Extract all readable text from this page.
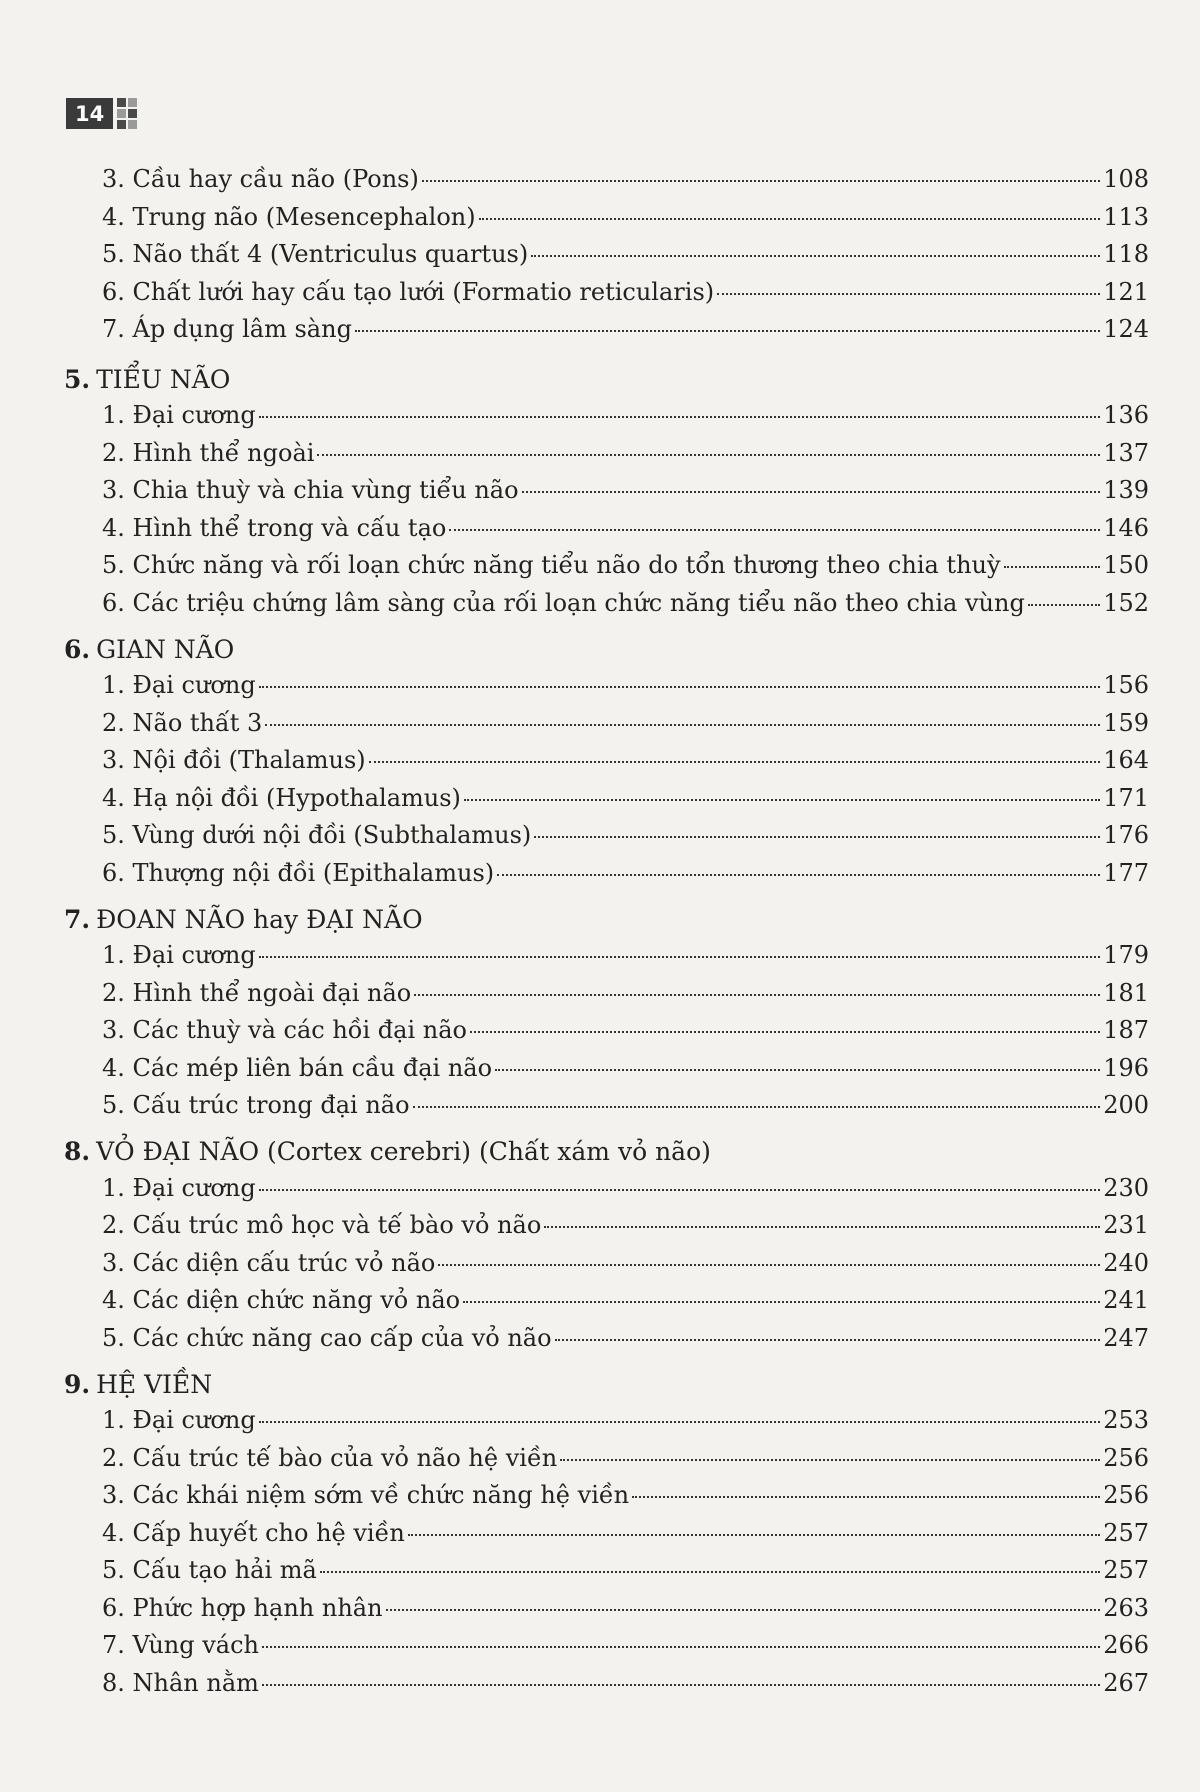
14
3. Cầu hay cầu não (Pons)	108
4. Trung não (Mesencephalon)	113
5. Não thất 4 (Ventriculus quartus)	118
6. Chất lưới hay cấu tạo lưới (Formatio reticularis)	121
7. Áp dụng lâm sàng	124
5. TIỂU NÃO
1. Đại cương	136
2. Hình thể ngoài	137
3. Chia thuỳ và chia vùng tiểu não	139
4. Hình thể trong và cấu tạo	146
5. Chức năng và rối loạn chức năng tiểu não do tổn thương theo chia thuỳ	150
6. Các triệu chứng lâm sàng của rối loạn chức năng tiểu não theo chia vùng	152
6. GIAN NÃO
1. Đại cương	156
2. Não thất 3	159
3. Nội đồi (Thalamus)	164
4. Hạ nội đồi (Hypothalamus)	171
5. Vùng dưới nội đồi (Subthalamus)	176
6. Thượng nội đồi (Epithalamus)	177
7. ĐOAN NÃO hay ĐẠI NÃO
1. Đại cương	179
2. Hình thể ngoài đại não	181
3. Các thuỳ và các hồi đại não	187
4. Các mép liên bán cầu đại não	196
5. Cấu trúc trong đại não	200
8. VỎ ĐẠI NÃO (Cortex cerebri) (Chất xám vỏ não)
1. Đại cương	230
2. Cấu trúc mô học và tế bào vỏ não	231
3. Các diện cấu trúc vỏ não	240
4. Các diện chức năng vỏ não	241
5. Các chức năng cao cấp của vỏ não	247
9. HỆ VIỀN
1. Đại cương	253
2. Cấu trúc tế bào của vỏ não hệ viền	256
3. Các khái niệm sớm về chức năng hệ viền	256
4. Cấp huyết cho hệ viền	257
5. Cấu tạo hải mã	257
6. Phức hợp hạnh nhân	263
7. Vùng vách	266
8. Nhân nằm	267
